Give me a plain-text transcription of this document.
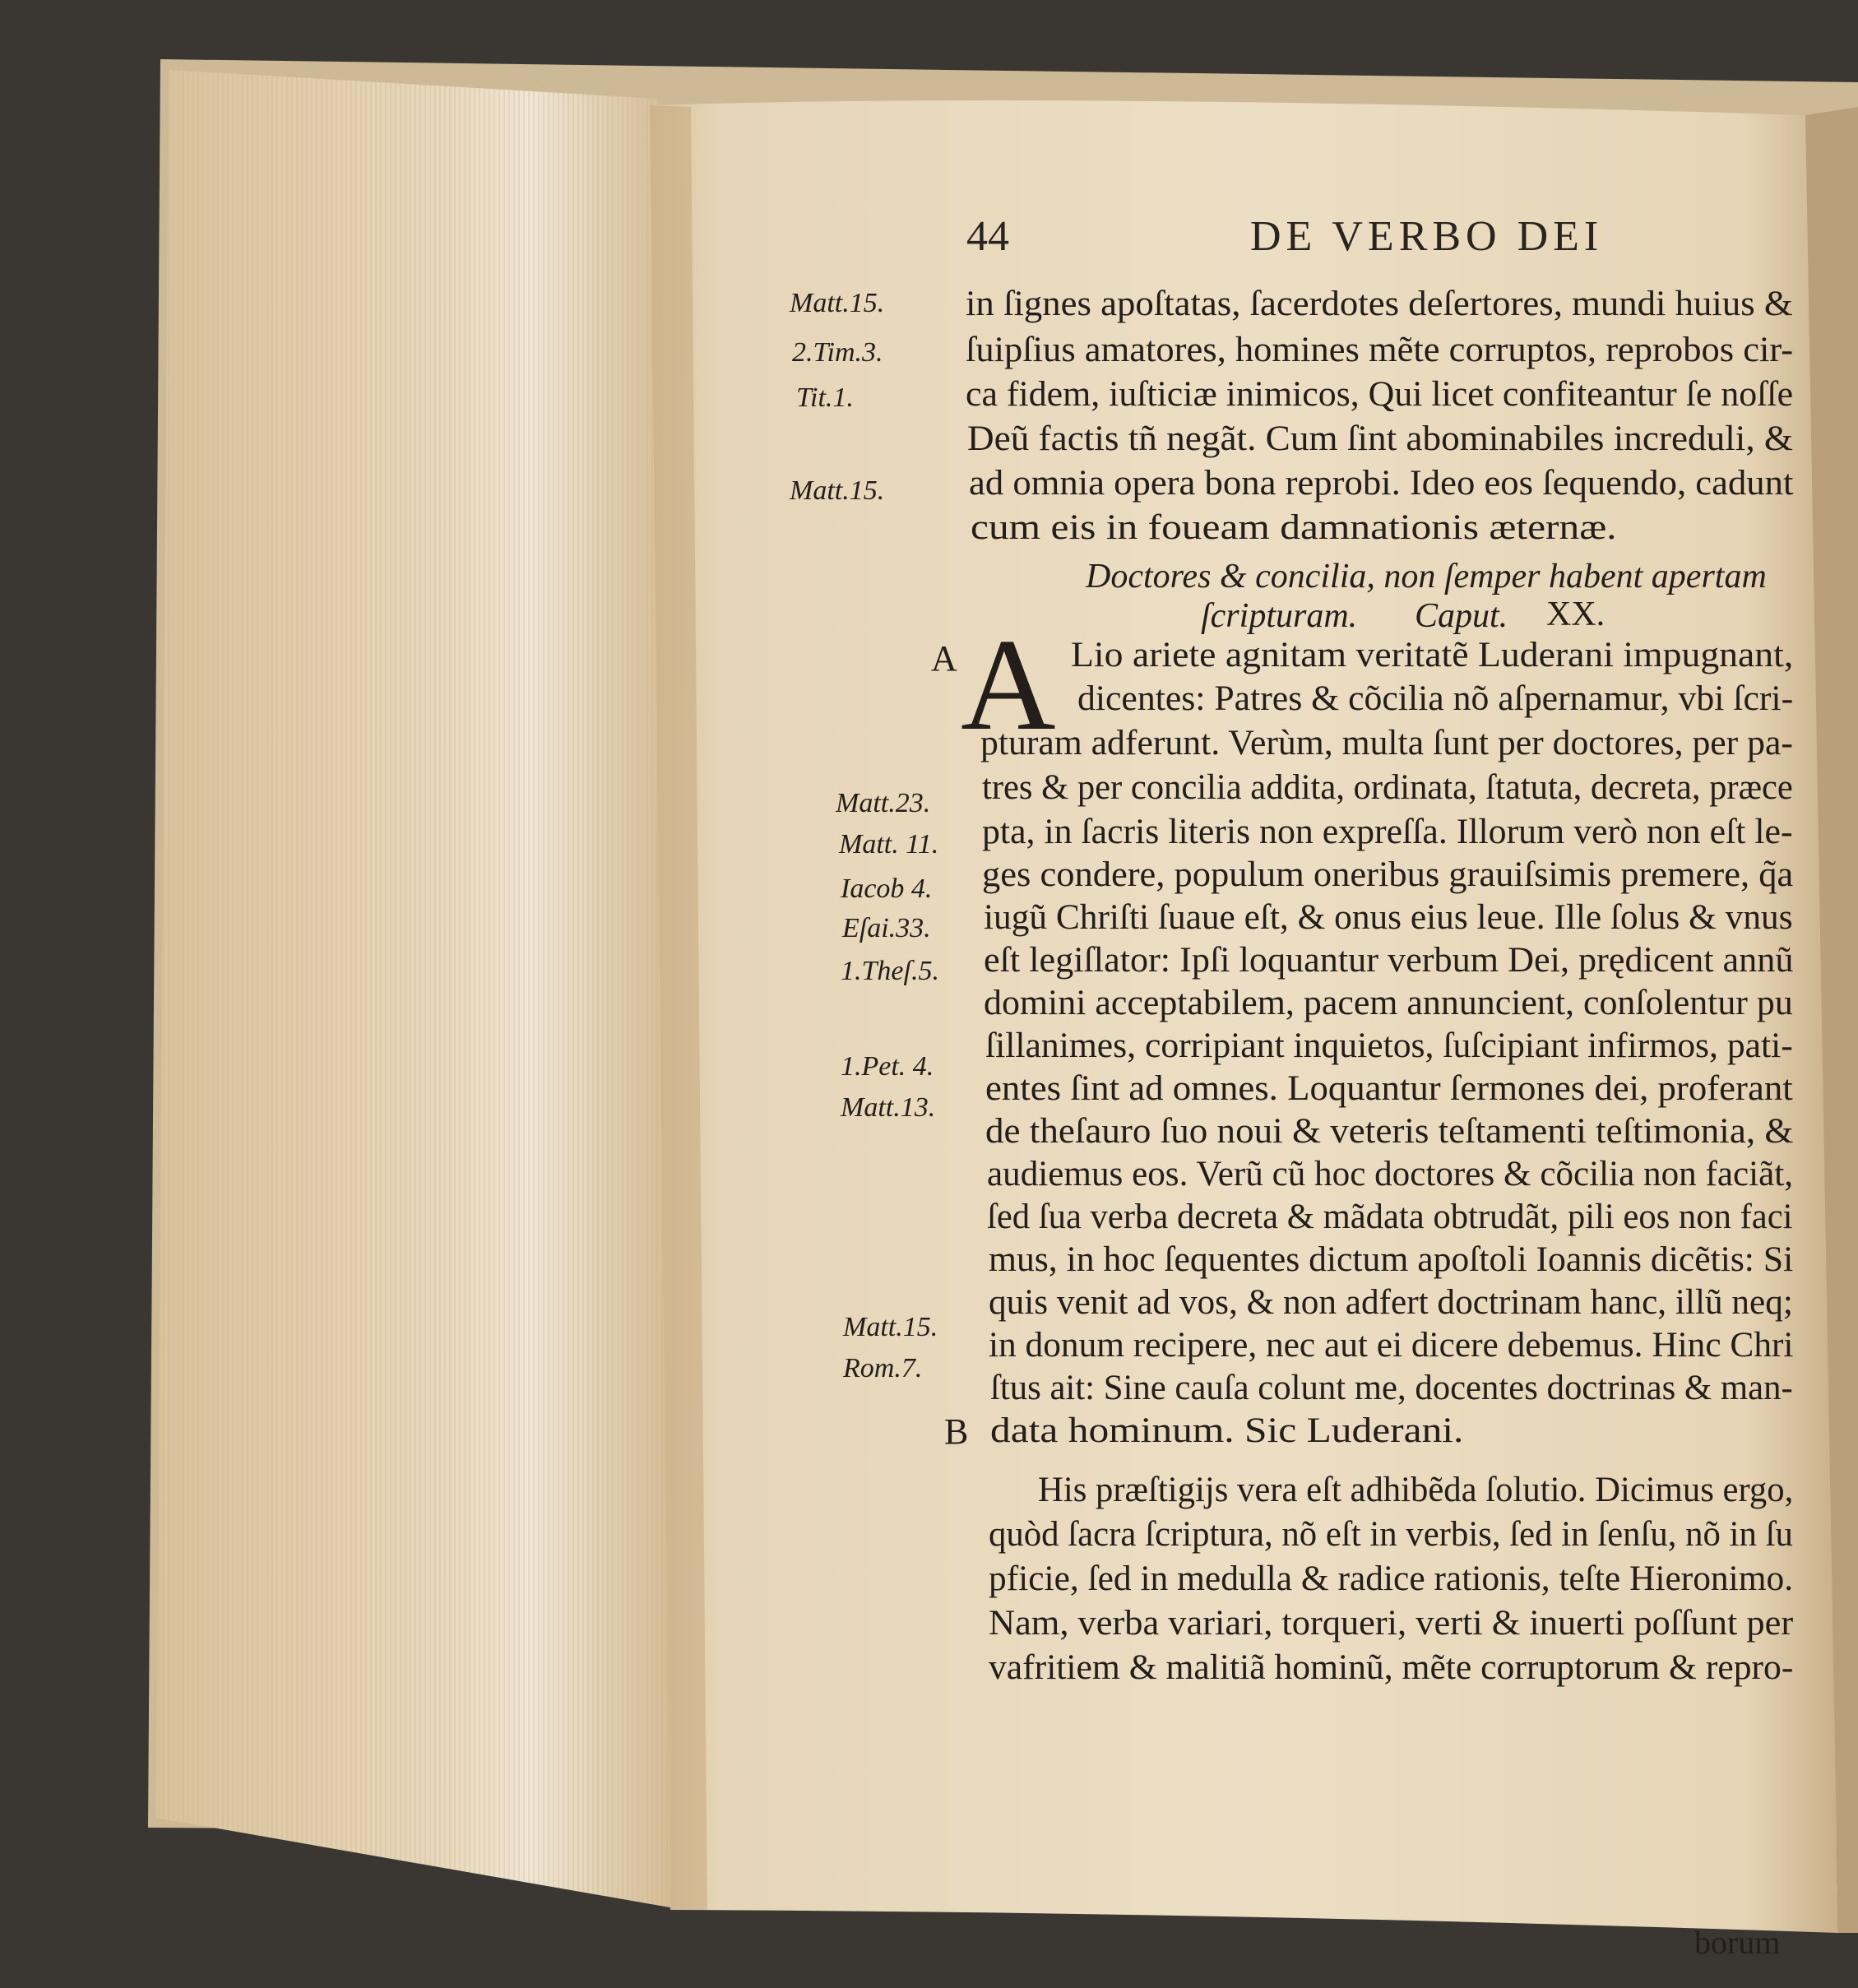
44	DE VERBO DEI
Matt.15.
2.Tim.3.
Tit.1.
Matt.15.
Matt.23.
Matt. 11.
Iacob 4.
Eſai.33.
1.Theſ.5.
1.Pet. 4.
Matt.13.
Matt.15.
Rom.7.
A
B
in ſignes apoſtatas, ſacerdotes deſertores, mundi huius &
ſuipſius amatores, homines mẽte corruptos, reprobos cir-
ca fidem, iuſticiæ inimicos, Qui licet confiteantur ſe noſſe
Deũ factis tñ negãt. Cum ſint abominabiles increduli, &
ad omnia opera bona reprobi. Ideo eos ſequendo, cadunt
cum eis in foueam damnationis æternæ.
Doctores & concilia, non ſemper habent apertam
ſcripturam. Caput. XX.
A Lio ariete agnitam veritatẽ Luderani impugnant,
dicentes: Patres & cõcilia nõ aſpernamur, vbi ſcri-
pturam adferunt. Verùm, multa ſunt per doctores, per pa-
tres & per concilia addita, ordinata, ſtatuta, decreta, præce
pta, in ſacris literis non expreſſa. Illorum verò non eſt le-
ges condere, populum oneribus grauiſsimis premere, q̃a
iugũ Chriſti ſuaue eſt, & onus eius leue. Ille ſolus & vnus
eſt legiſlator: Ipſi loquantur verbum Dei, prędicent annũ
domini acceptabilem, pacem annuncient, conſolentur pu
ſillanimes, corripiant inquietos, ſuſcipiant infirmos, pati-
entes ſint ad omnes. Loquantur ſermones dei, proferant
de theſauro ſuo noui & veteris teſtamenti teſtimonia, &
audiemus eos. Verũ cũ hoc doctores & cõcilia non faciãt,
ſed ſua verba decreta & mãdata obtrudãt, pili eos non faci
mus, in hoc ſequentes dictum apoſtoli Ioannis dicẽtis: Si
quis venit ad vos, & non adfert doctrinam hanc, illũ neq;
in donum recipere, nec aut ei dicere debemus. Hinc Chri
ſtus ait: Sine cauſa colunt me, docentes doctrinas & man-
data hominum. Sic Luderani.
His præſtigijs vera eſt adhibẽda ſolutio. Dicimus ergo,
quòd ſacra ſcriptura, nõ eſt in verbis, ſed in ſenſu, nõ in ſu
pficie, ſed in medulla & radice rationis, teſte Hieronimo.
Nam, verba variari, torqueri, verti & inuerti poſſunt per
vafritiem & malitiã hominũ, mẽte corruptorum & repro-
borum
